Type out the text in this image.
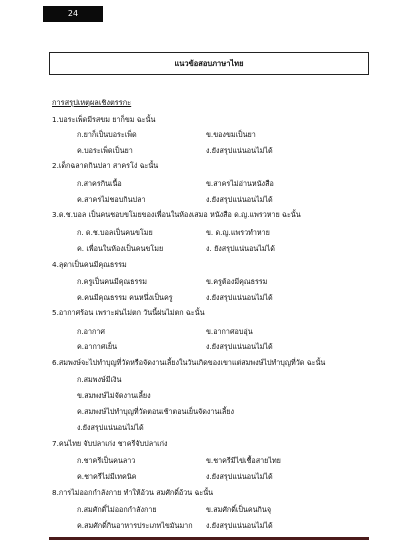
24
แนวข้อสอบภาษาไทย
การสรุปเหตุผลเชิงตรรกะ
1.บอระเพ็ดมีรสขม ยาก็ขม ฉะนั้น
ก.ยาก็เป็นบอระเพ็ด	ข.ของขมเป็นยา
ค.บอระเพ็ดเป็นยา	ง.ยังสรุปแน่นอนไม่ได้
2.เด็กฉลาดกินปลา สาครโง่ ฉะนั้น
ก.สาครกินเนื้อ	ข.สาครไม่อ่านหนังสือ
ค.สาครไม่ชอบกินปลา	ง.ยังสรุปแน่นอนไม่ได้
3.ด.ช.บอล เป็นคนชอบขโมยของเพื่อนในห้องเสมอ หนังสือ ด.ญ.แพรวหาย ฉะนั้น
ก. ด.ช.บอลเป็นคนขโมย	ข. ด.ญ.แพรวทำหาย
ค. เพื่อนในห้องเป็นคนขโมย	ง. ยังสรุปแน่นอนไม่ได้
4.ลุดาเป็นคนมีคุณธรรม
ก.ครูเป็นคนมีคุณธรรม	ข.ครูต้องมีคุณธรรม
ค.คนมีคุณธรรม คนหนึ่งเป็นครู	ง.ยังสรุปแน่นอนไม่ได้
5.อากาศร้อน เพราะฝนไม่ตก วันนี้ฝนไม่ตก ฉะนั้น
ก.อากาศ	ข.อากาศอบอุ่น
ค.อากาศเย็น	ง.ยังสรุปแน่นอนไม่ได้
6.สมพงษ์จะไปทำบุญที่วัดหรือจัดงานเลี้ยงในวันเกิดของเขาแต่สมพงษ์ไปทำบุญที่วัด ฉะนั้น
ก.สมพงษ์มีเงิน
ข.สมพงษ์ไม่จัดงานเลี้ยง
ค.สมพงษ์ไปทำบุญที่วัดตอนเช้าตอนเย็นจัดงานเลี้ยง
ง.ยังสรุปแน่นอนไม่ได้
7.คนไทย จับปลาเก่ง ชาครีจับปลาเก่ง
ก.ชาครีเป็นคนลาว	ข.ชาครีมีไข่เชื้อสายไทย
ค.ชาครีไม่มีเทคนิค	ง.ยังสรุปแน่นอนไม่ได้
8.การไม่ออกกำลังกาย ทำให้อ้วน สมศักดิ์อ้วน ฉะนั้น
ก.สมศักดิ์ไม่ออกกำลังกาย	ข.สมศักดิ์เป็นคนกินจุ
ค.สมศักดิ์กินอาหารประเภทไขมันมาก ง.ยังสรุปแน่นอนไม่ได้
